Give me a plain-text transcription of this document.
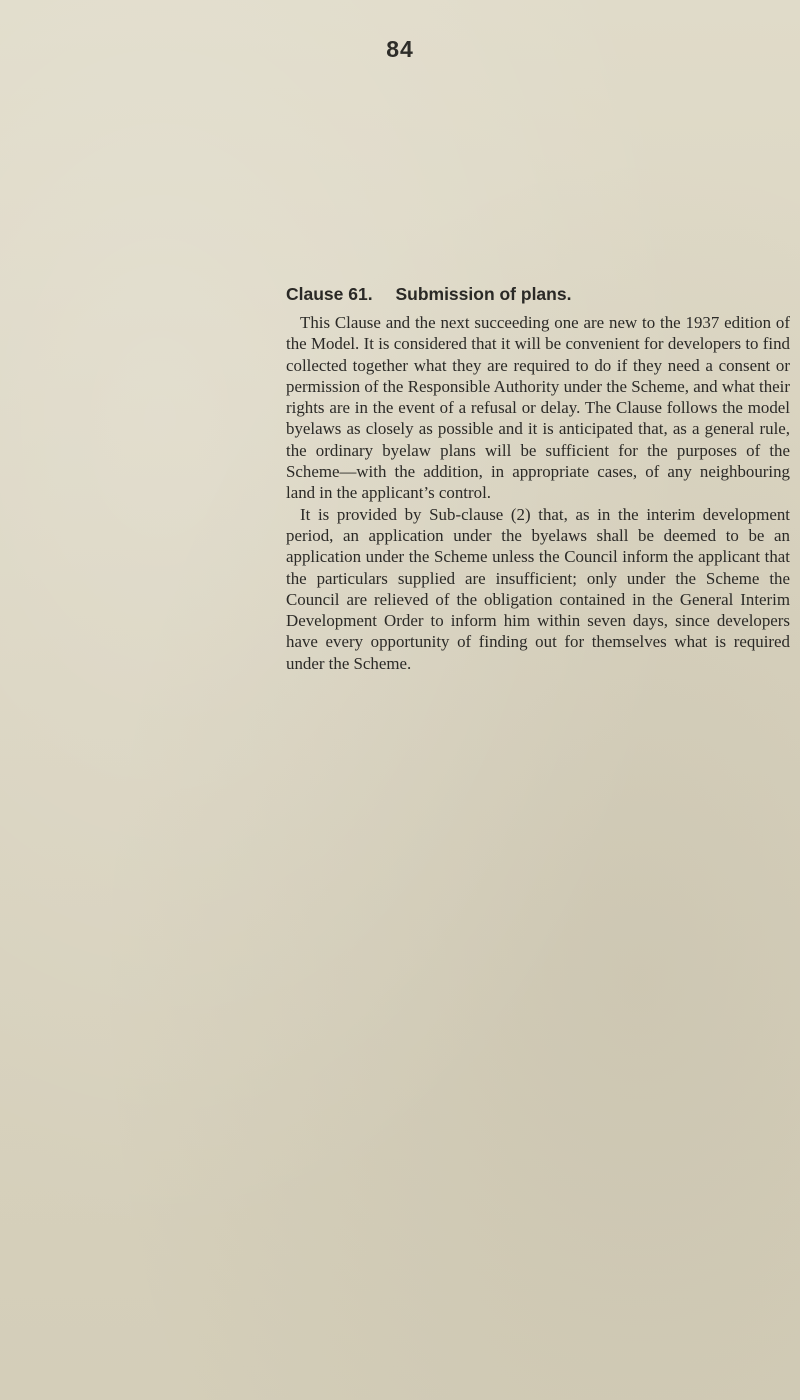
84
Clause 61. Submission of plans.

This Clause and the next succeeding one are new to the 1937 edition of the Model. It is considered that it will be convenient for developers to find collected together what they are required to do if they need a consent or permission of the Responsible Authority under the Scheme, and what their rights are in the event of a refusal or delay. The Clause follows the model byelaws as closely as possible and it is anticipated that, as a general rule, the ordinary byelaw plans will be sufficient for the purposes of the Scheme—with the addition, in appropriate cases, of any neighbouring land in the applicant’s control.

It is provided by Sub-clause (2) that, as in the interim development period, an application under the byelaws shall be deemed to be an application under the Scheme unless the Council inform the applicant that the particulars supplied are insufficient; only under the Scheme the Council are relieved of the obligation contained in the General Interim Development Order to inform him within seven days, since developers have every opportunity of finding out for themselves what is required under the Scheme.
